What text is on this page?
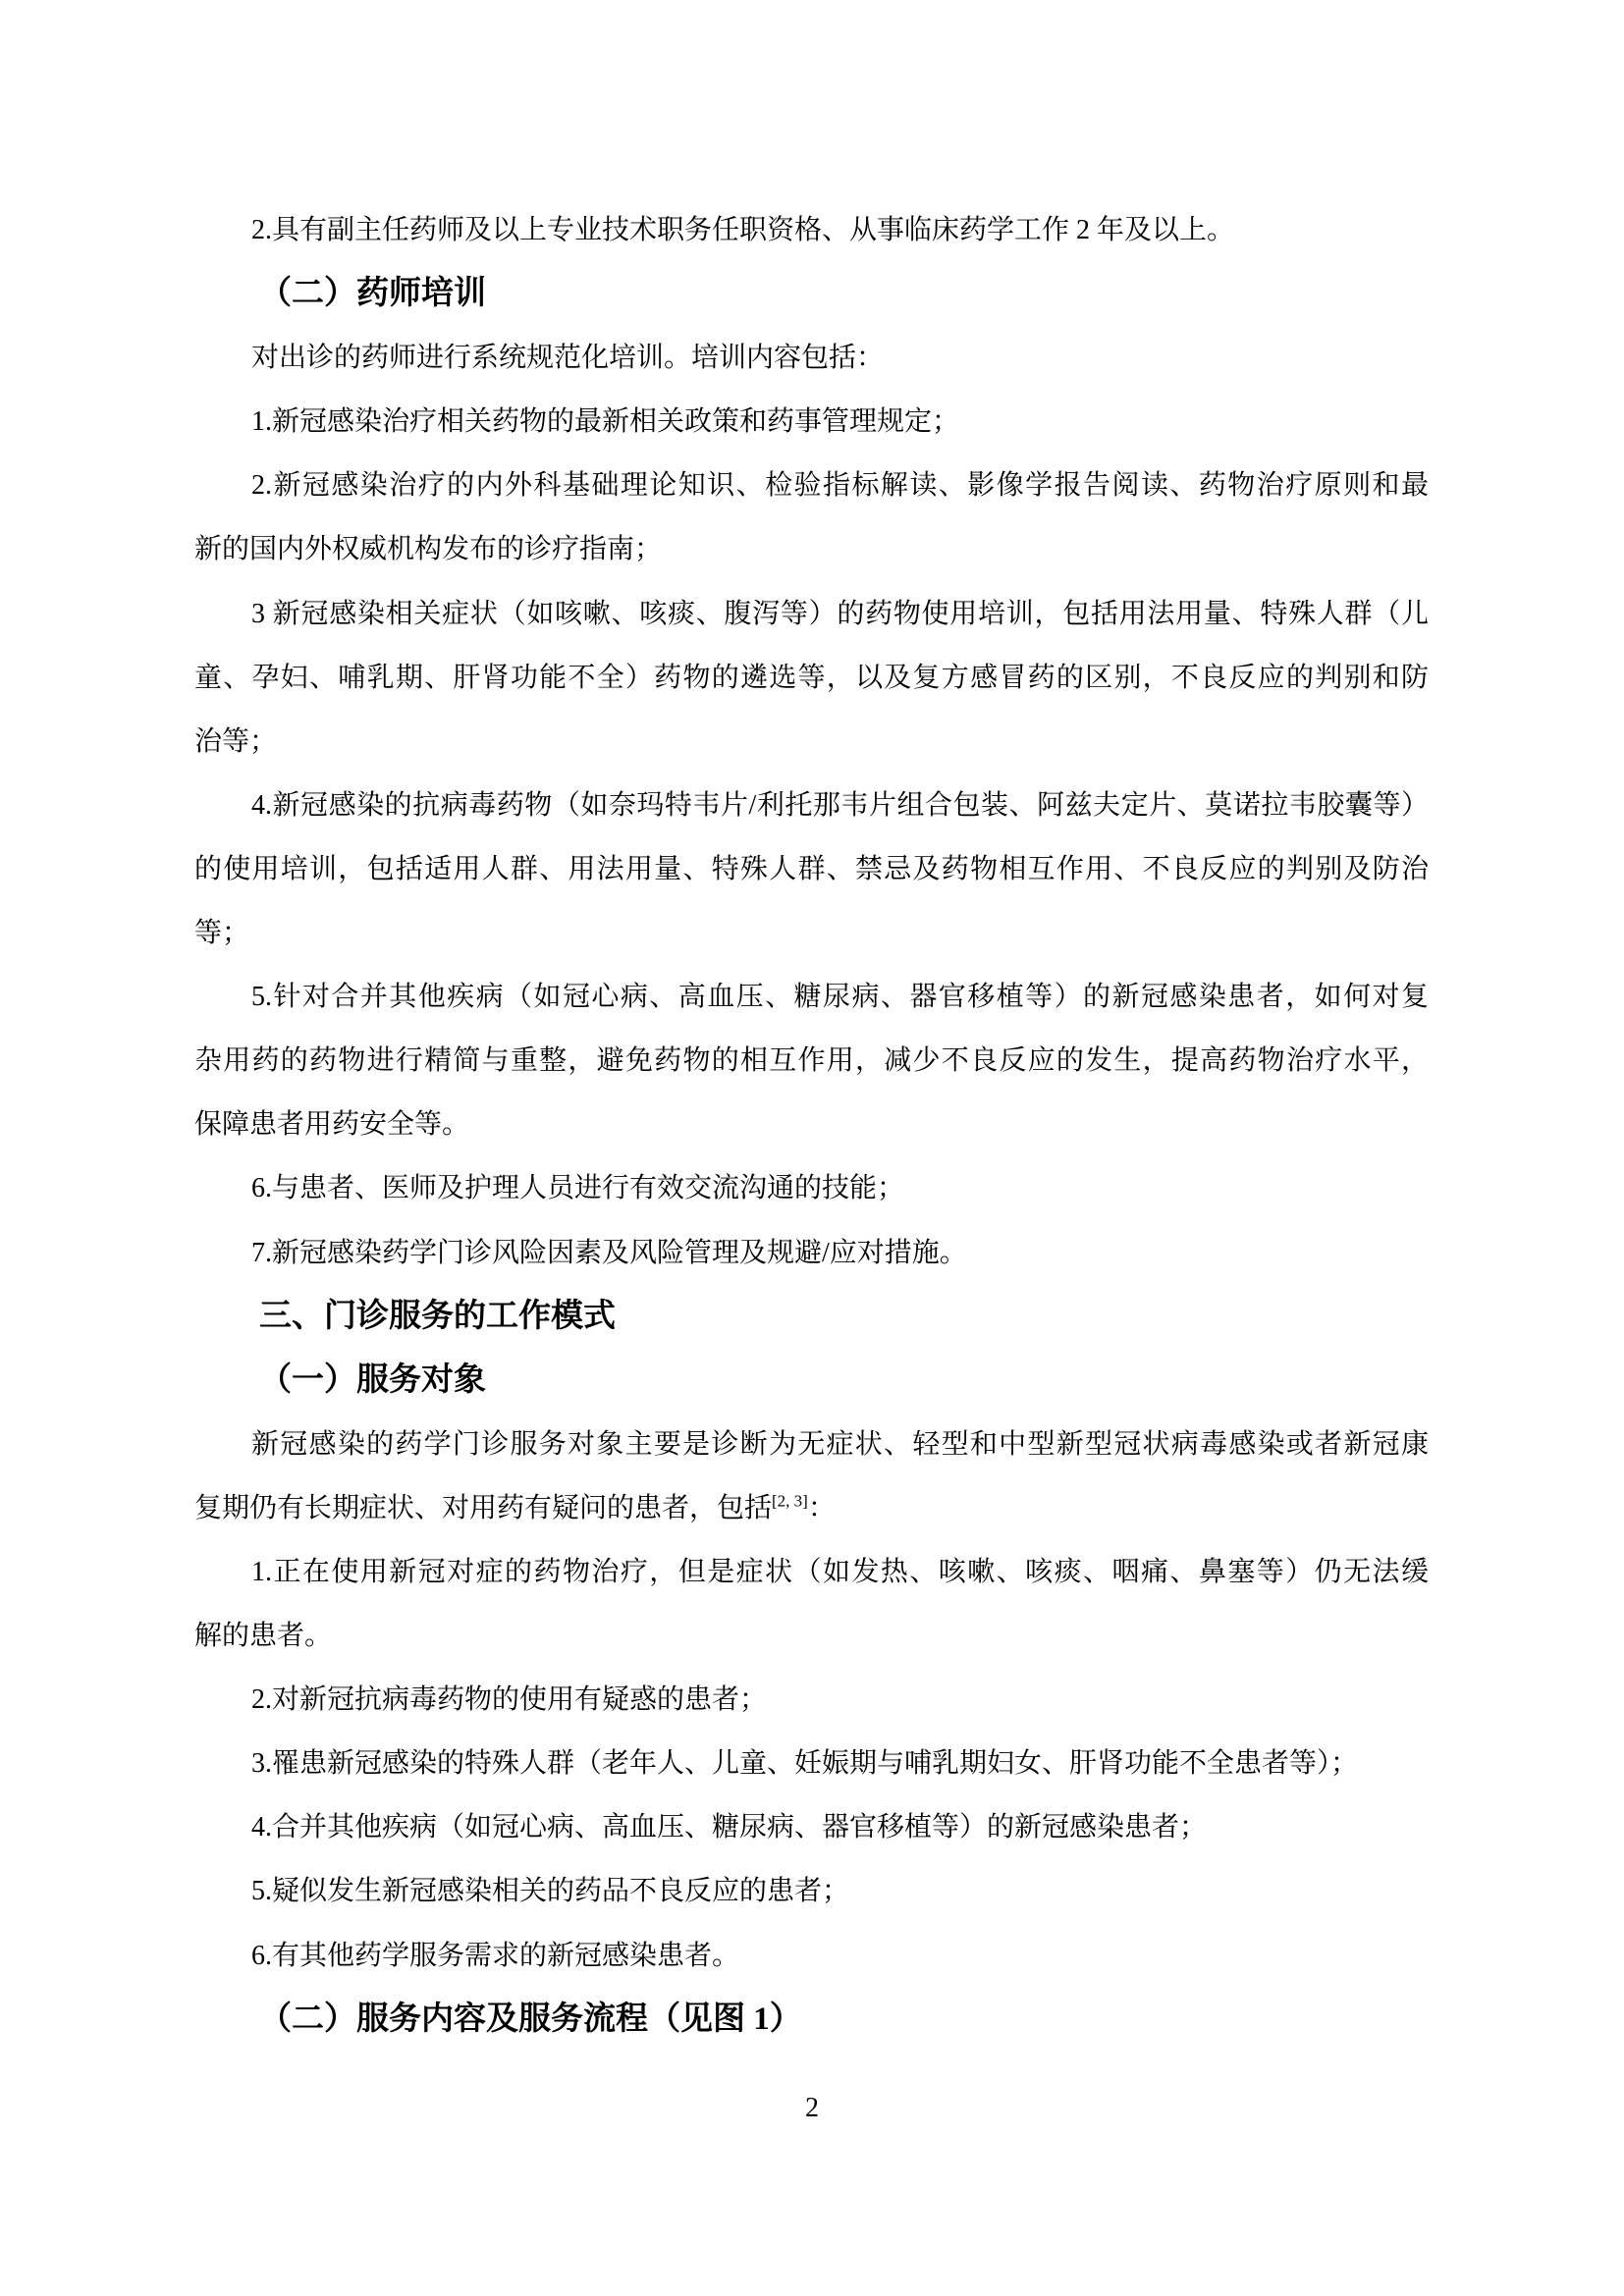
2.具有副主任药师及以上专业技术职务任职资格、从事临床药学工作 2 年及以上。
（二）药师培训
对出诊的药师进行系统规范化培训。培训内容包括：
1.新冠感染治疗相关药物的最新相关政策和药事管理规定；
2.新冠感染治疗的内外科基础理论知识、检验指标解读、影像学报告阅读、药物治疗原则和最
新的国内外权威机构发布的诊疗指南；
3 新冠感染相关症状（如咳嗽、咳痰、腹泻等）的药物使用培训，包括用法用量、特殊人群（儿
童、孕妇、哺乳期、肝肾功能不全）药物的遴选等，以及复方感冒药的区别，不良反应的判别和防
治等；
4.新冠感染的抗病毒药物（如奈玛特韦片/利托那韦片组合包装、阿兹夫定片、莫诺拉韦胶囊等）
的使用培训，包括适用人群、用法用量、特殊人群、禁忌及药物相互作用、不良反应的判别及防治
等；
5.针对合并其他疾病（如冠心病、高血压、糖尿病、器官移植等）的新冠感染患者，如何对复
杂用药的药物进行精简与重整，避免药物的相互作用，减少不良反应的发生，提高药物治疗水平，
保障患者用药安全等。
6.与患者、医师及护理人员进行有效交流沟通的技能；
7.新冠感染药学门诊风险因素及风险管理及规避/应对措施。
三、门诊服务的工作模式
（一）服务对象
新冠感染的药学门诊服务对象主要是诊断为无症状、轻型和中型新型冠状病毒感染或者新冠康
复期仍有长期症状、对用药有疑问的患者，包括[2, 3]：
1.正在使用新冠对症的药物治疗，但是症状（如发热、咳嗽、咳痰、咽痛、鼻塞等）仍无法缓
解的患者。
2.对新冠抗病毒药物的使用有疑惑的患者；
3.罹患新冠感染的特殊人群（老年人、儿童、妊娠期与哺乳期妇女、肝肾功能不全患者等）；
4.合并其他疾病（如冠心病、高血压、糖尿病、器官移植等）的新冠感染患者；
5.疑似发生新冠感染相关的药品不良反应的患者；
6.有其他药学服务需求的新冠感染患者。
（二）服务内容及服务流程（见图 1）
2
